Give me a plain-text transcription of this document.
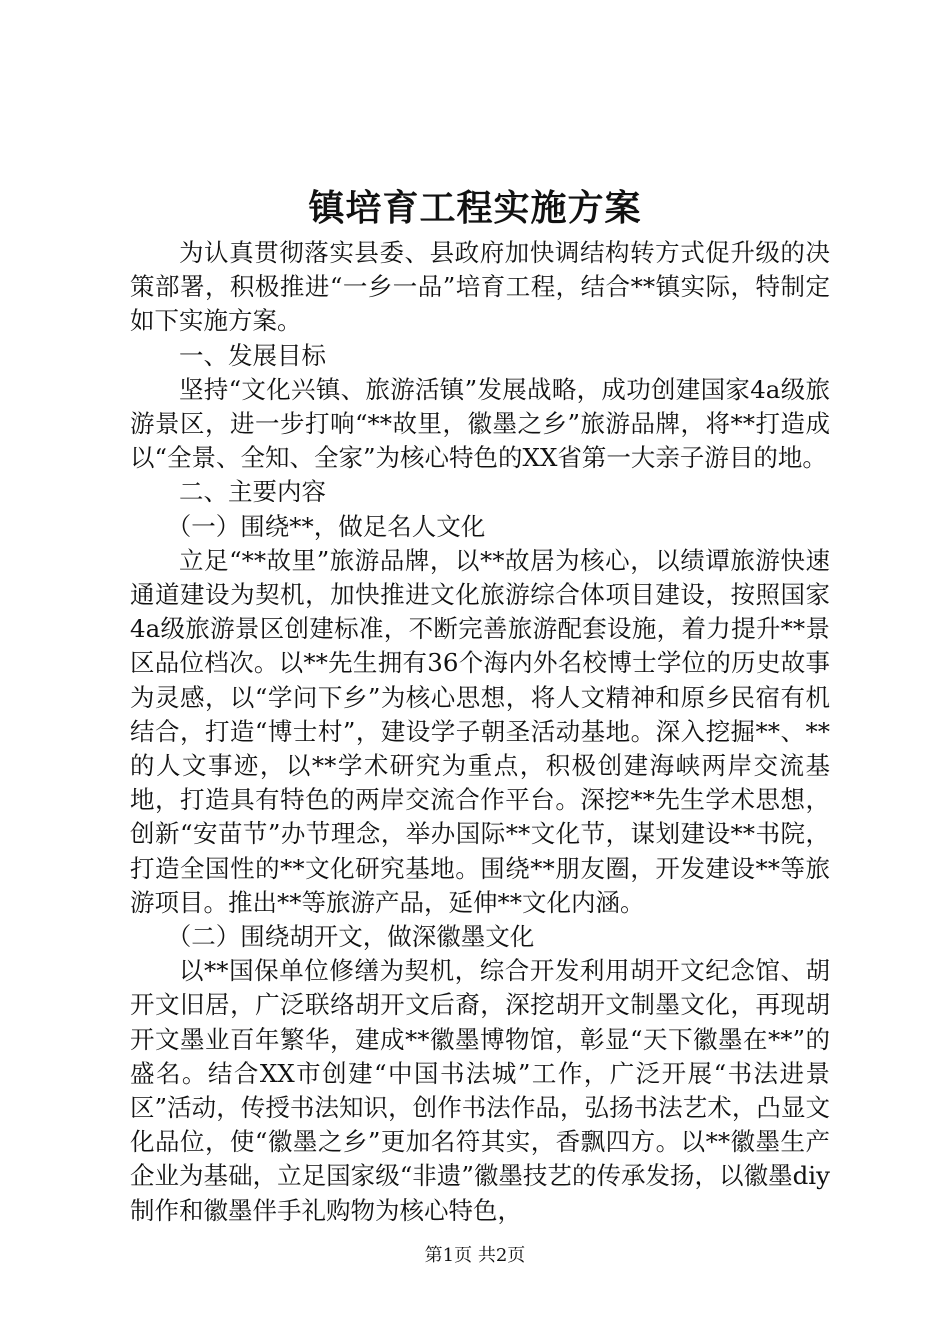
镇培育工程实施方案

为认真贯彻落实县委、县政府加快调结构转方式促升级的决策部署，积极推进“一乡一品”培育工程，结合**镇实际，特制定如下实施方案。

一、发展目标

坚持“文化兴镇、旅游活镇”发展战略，成功创建国家4a级旅游景区，进一步打响“**故里，徽墨之乡”旅游品牌，将**打造成以“全景、全知、全家”为核心特色的XX省第一大亲子游目的地。

二、主要内容

（一）围绕**，做足名人文化

立足“**故里”旅游品牌，以**故居为核心，以绩谭旅游快速通道建设为契机，加快推进文化旅游综合体项目建设，按照国家4a级旅游景区创建标准，不断完善旅游配套设施，着力提升**景区品位档次。以**先生拥有36个海内外名校博士学位的历史故事为灵感，以“学问下乡”为核心思想，将人文精神和原乡民宿有机结合，打造“博士村”，建设学子朝圣活动基地。深入挖掘**、**的人文事迹，以**学术研究为重点，积极创建海峡两岸交流基地，打造具有特色的两岸交流合作平台。深挖**先生学术思想，创新“安苗节”办节理念，举办国际**文化节，谋划建设**书院，打造全国性的**文化研究基地。围绕**朋友圈，开发建设**等旅游项目。推出**等旅游产品，延伸**文化内涵。

（二）围绕胡开文，做深徽墨文化

以**国保单位修缮为契机，综合开发利用胡开文纪念馆、胡开文旧居，广泛联络胡开文后裔，深挖胡开文制墨文化，再现胡开文墨业百年繁华，建成**徽墨博物馆，彰显“天下徽墨在**”的盛名。结合XX市创建“中国书法城”工作，广泛开展“书法进景区”活动，传授书法知识，创作书法作品，弘扬书法艺术，凸显文化品位，使“徽墨之乡”更加名符其实，香飘四方。以**徽墨生产企业为基础，立足国家级“非遗”徽墨技艺的传承发扬，以徽墨diy制作和徽墨伴手礼购物为核心特色，

第1页 共2页
